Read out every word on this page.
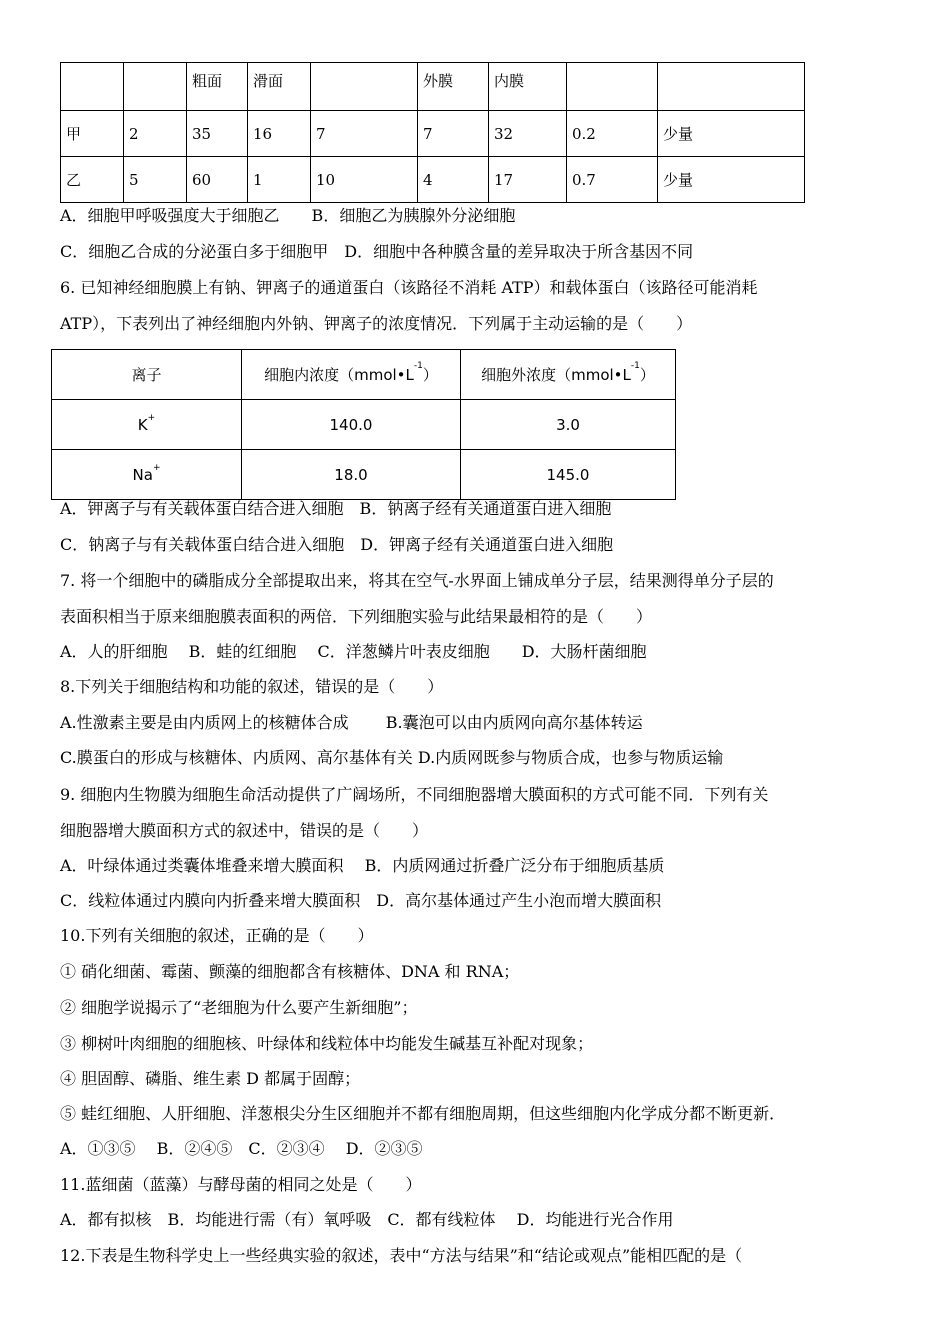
		粗面	滑面		外膜	内膜		
甲	2	35	16	7	7	32	0.2	少量
乙	5	60	1	10	4	17	0.7	少量
A．细胞甲呼吸强度大于细胞乙　　B．细胞乙为胰腺外分泌细胞
C．细胞乙合成的分泌蛋白多于细胞甲　D．细胞中各种膜含量的差异取决于所含基因不同
6. 已知神经细胞膜上有钠、钾离子的通道蛋白（该路径不消耗 ATP）和载体蛋白（该路径可能消耗
ATP），下表列出了神经细胞内外钠、钾离子的浓度情况．下列属于主动运输的是（　　）
离子	细胞内浓度$(mmol•L^{-1})$	细胞外浓度$(mmol•L^{-1})$
K+	140.0	3.0
Na+	18.0	145.0
A．钾离子与有关载体蛋白结合进入细胞　B．钠离子经有关通道蛋白进入细胞
C．钠离子与有关载体蛋白结合进入细胞　D．钾离子经有关通道蛋白进入细胞
7. 将一个细胞中的磷脂成分全部提取出来，将其在空气-水界面上铺成单分子层，结果测得单分子层的
表面积相当于原来细胞膜表面积的两倍．下列细胞实验与此结果最相符的是（　　）
A．人的肝细胞　 B．蛙的红细胞　 C．洋葱鳞片叶表皮细胞　　D．大肠杆菌细胞
8.下列关于细胞结构和功能的叙述，错误的是（　　）
A.性激素主要是由内质网上的核糖体合成　　 B.囊泡可以由内质网向高尔基体转运
C.膜蛋白的形成与核糖体、内质网、高尔基体有关 D.内质网既参与物质合成，也参与物质运输
9. 细胞内生物膜为细胞生命活动提供了广阔场所，不同细胞器增大膜面积的方式可能不同．下列有关
细胞器增大膜面积方式的叙述中，错误的是（　　）
A．叶绿体通过类囊体堆叠来增大膜面积　 B．内质网通过折叠广泛分布于细胞质基质
C．线粒体通过内膜向内折叠来增大膜面积　D．高尔基体通过产生小泡而增大膜面积
10.下列有关细胞的叙述，正确的是（　　）
① 硝化细菌、霉菌、颤藻的细胞都含有核糖体、DNA 和 RNA；
② 细胞学说揭示了“老细胞为什么要产生新细胞”；
③ 柳树叶肉细胞的细胞核、叶绿体和线粒体中均能发生碱基互补配对现象；
④ 胆固醇、磷脂、维生素 D 都属于固醇；
⑤ 蛙红细胞、人肝细胞、洋葱根尖分生区细胞并不都有细胞周期，但这些细胞内化学成分都不断更新．
A．①③⑤　 B．②④⑤　C．②③④　 D．②③⑤
11.蓝细菌（蓝藻）与酵母菌的相同之处是（　　）
A．都有拟核　B．均能进行需（有）氧呼吸　C．都有线粒体　 D．均能进行光合作用
12.下表是生物科学史上一些经典实验的叙述，表中“方法与结果”和“结论或观点”能相匹配的是（
